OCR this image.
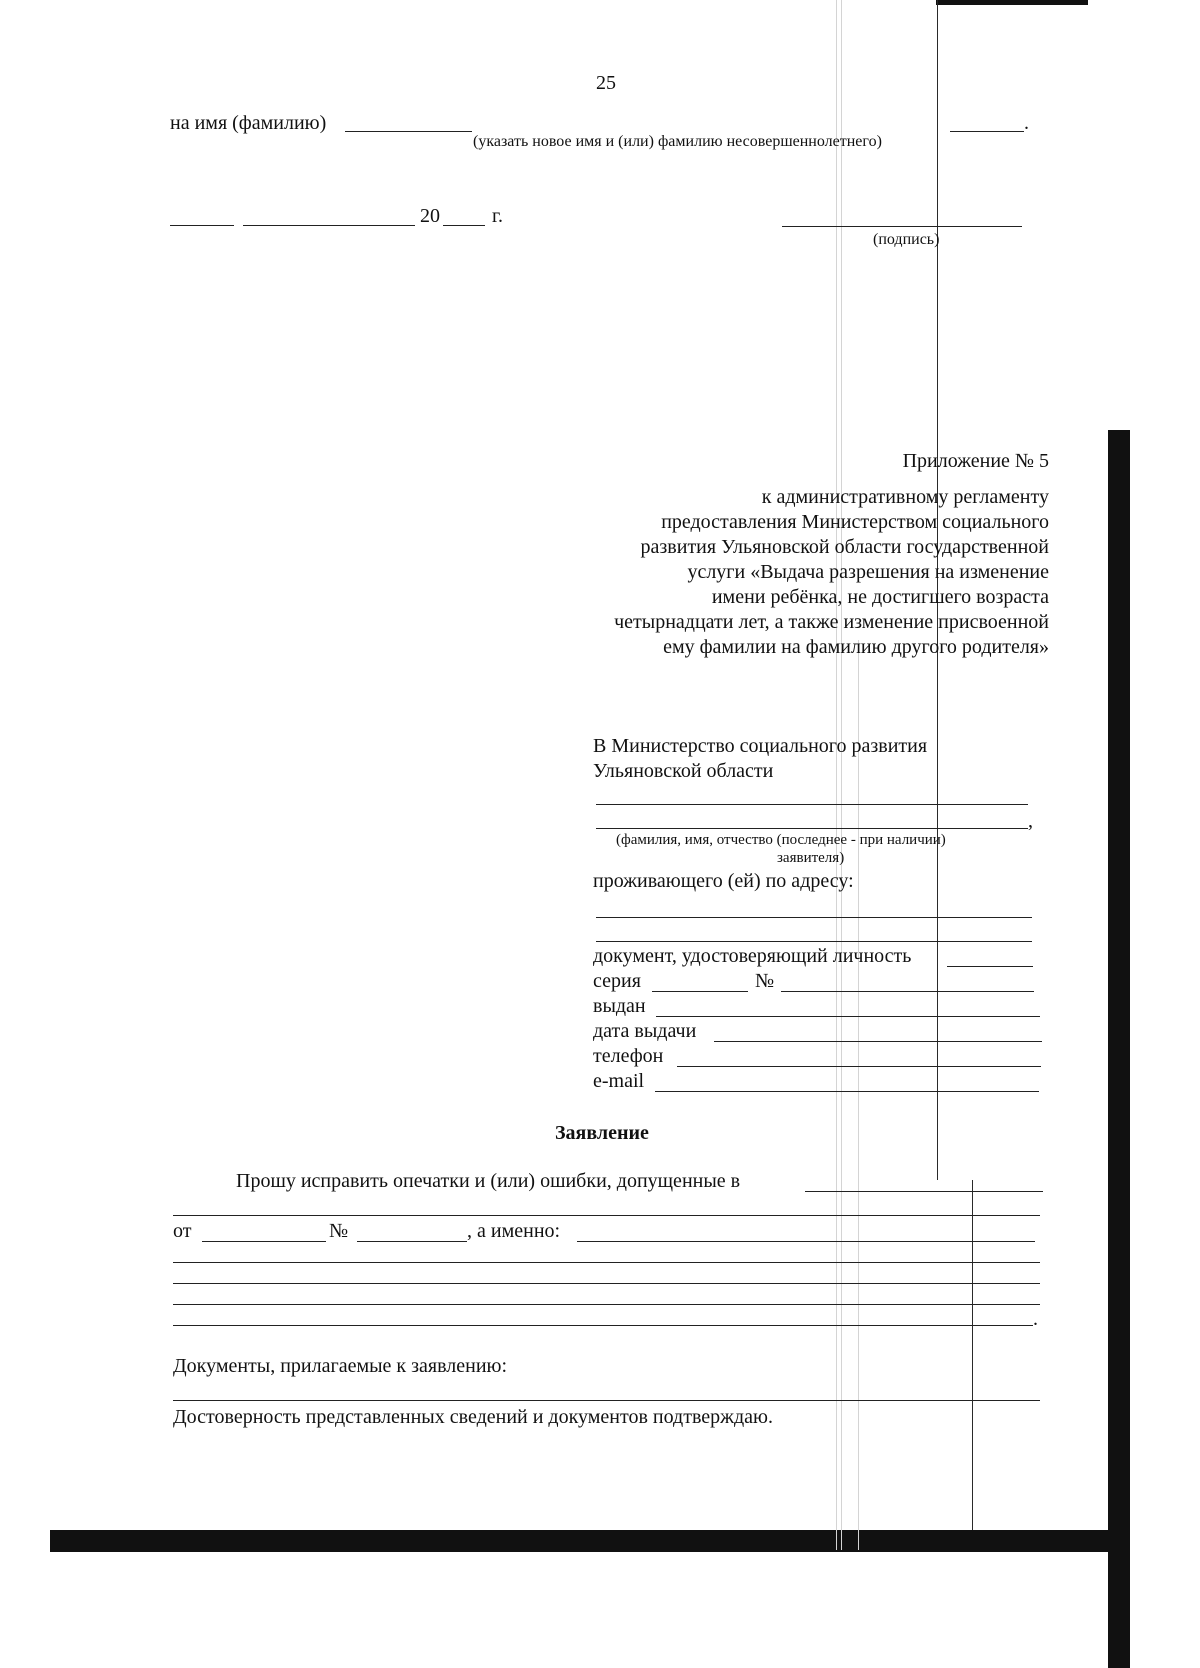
25
на имя (фамилию)	.
(указать новое имя и (или) фамилию несовершеннолетнего)
20	г.
(подпись)
Приложение № 5
к административному регламенту
предоставления Министерством социального
развития Ульяновской области государственной
услуги «Выдача разрешения на изменение
имени ребёнка, не достигшего возраста
четырнадцати лет, а также изменение присвоенной
ему фамилии на фамилию другого родителя»
В Министерство социального развития
Ульяновской области
,
(фамилия, имя, отчество (последнее - при наличии)
заявителя)
проживающего (ей) по адресу:
документ, удостоверяющий личность
серия	№
выдан
дата выдачи
телефон
e-mail
Заявление
Прошу исправить опечатки и (или) ошибки, допущенные в
от	№	, а именно:
.
Документы, прилагаемые к заявлению:
Достоверность представленных сведений и документов подтверждаю.
